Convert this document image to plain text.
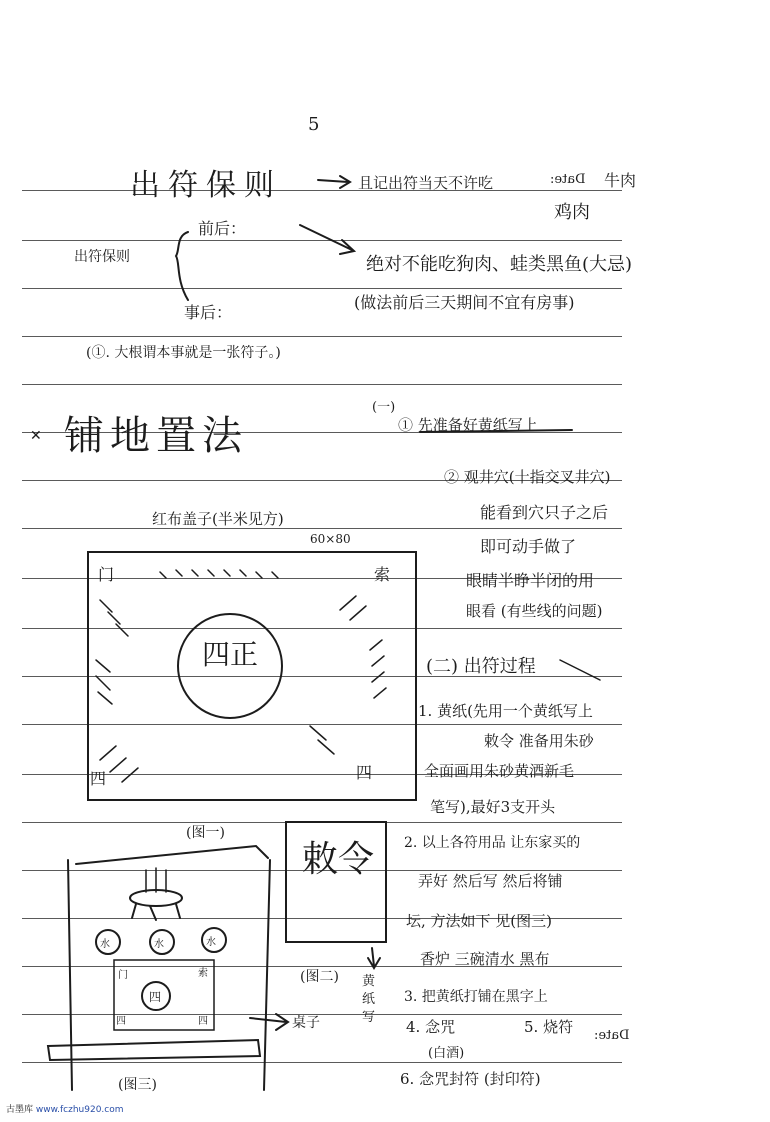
5
出符保则	且记出符当天不许吃	Date: 牛肉
鸡肉
出符保则
前后：
绝对不能吃狗肉、蛙类黑鱼(大忌)
事后：
(做法前后三天期间不宜有房事)
(①. 大根谓本事就是一张符子。)
✕ 铺地置法
(一)
① 先准备好黄纸写上
② 观井穴(十指交叉井穴)
能看到穴只子之后
即可动手做了
眼睛半睁半闭的用
眼看 (有些线的问题)
红布盖子(半米见方)
60×80
门	索
四	四
四正
(图一)
(二) 出符过程
1. 黄纸(先用一个黄纸写上
敕令 准备用朱砂
全面画用朱砂黄酒新毛
笔写),最好3支开头
2. 以上各符用品 让东家买的
弄好 然后写 然后将铺
坛, 方法如下 见(图三)
香炉 三碗清水 黑布
3. 把黄纸打铺在黑字上
4. 念咒	5. 烧符 Date:
(白酒)
6. 念咒封符 (封印符)
敕令
(图二) 黄
纸
写
水	水	水
四
门	索
四	四	桌子
(图三)
古墨库 www.fczhu920.com
